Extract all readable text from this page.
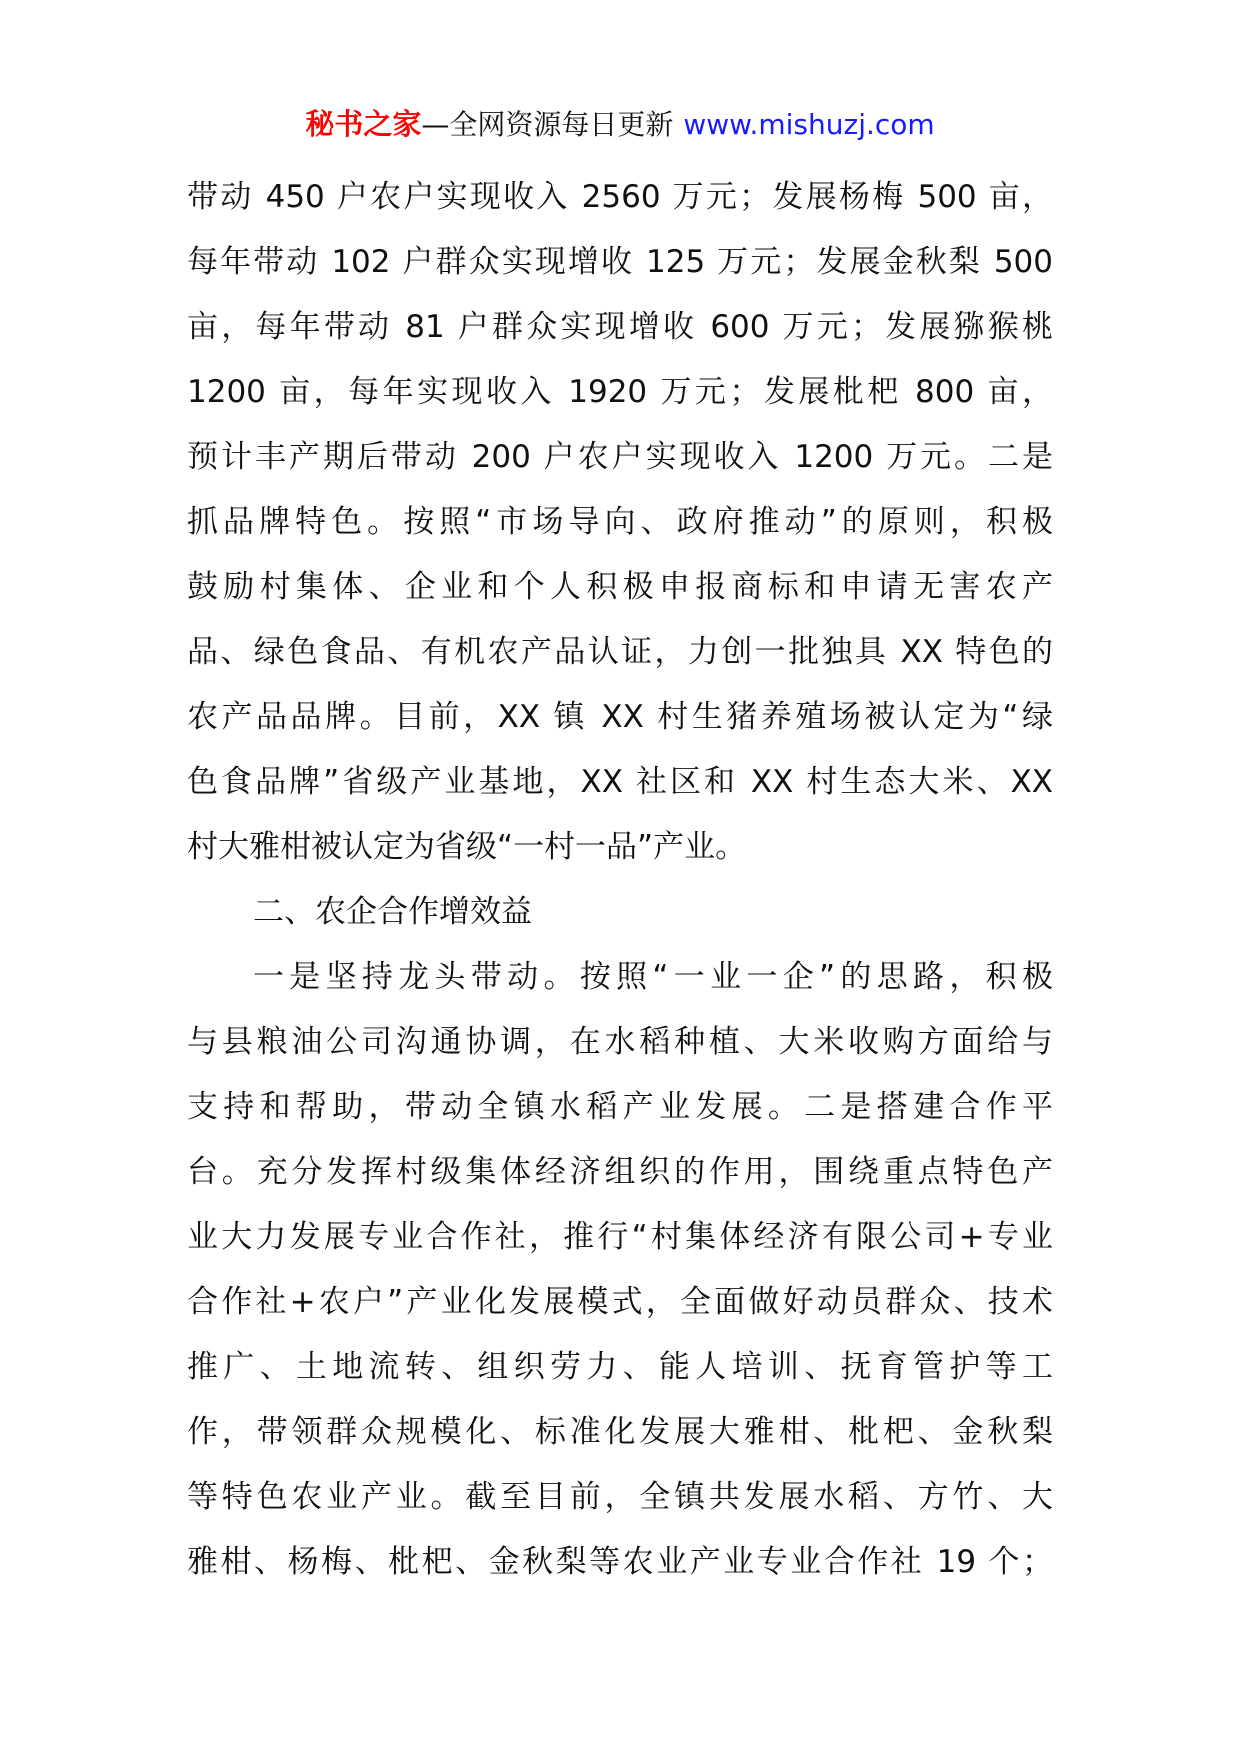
秘书之家—全网资源每日更新 www.mishuzj.com
带动 450 户农户实现收入 2560 万元；发展杨梅 500 亩，
每年带动 102 户群众实现增收 125 万元；发展金秋梨 500
亩，每年带动 81 户群众实现增收 600 万元；发展猕猴桃
1200 亩，每年实现收入 1920 万元；发展枇杷 800 亩，
预计丰产期后带动 200 户农户实现收入 1200 万元。二是
抓品牌特色。按照“市场导向、政府推动”的原则，积极
鼓励村集体、企业和个人积极申报商标和申请无害农产
品、绿色食品、有机农产品认证，力创一批独具 XX 特色的
农产品品牌。目前，XX 镇 XX 村生猪养殖场被认定为“绿
色食品牌”省级产业基地，XX 社区和 XX 村生态大米、XX
村大雅柑被认定为省级“一村一品”产业。
二、农企合作增效益
一是坚持龙头带动。按照“一业一企”的思路，积极
与县粮油公司沟通协调，在水稻种植、大米收购方面给与
支持和帮助，带动全镇水稻产业发展。二是搭建合作平
台。充分发挥村级集体经济组织的作用，围绕重点特色产
业大力发展专业合作社，推行“村集体经济有限公司+专业
合作社+农户”产业化发展模式，全面做好动员群众、技术
推广、土地流转、组织劳力、能人培训、抚育管护等工
作，带领群众规模化、标准化发展大雅柑、枇杷、金秋梨
等特色农业产业。截至目前，全镇共发展水稻、方竹、大
雅柑、杨梅、枇杷、金秋梨等农业产业专业合作社 19 个；
